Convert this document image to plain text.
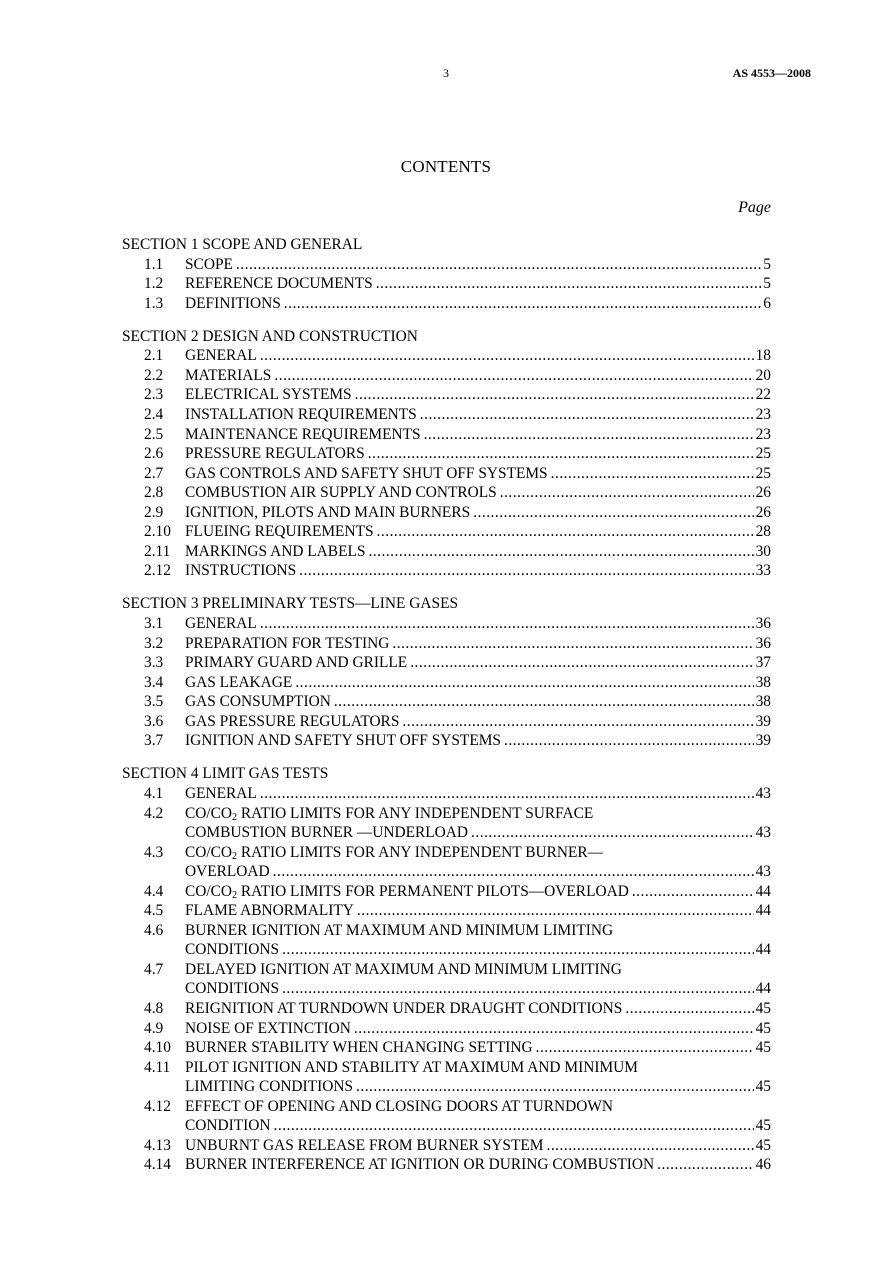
3	AS 4553—2008
CONTENTS
Page
SECTION 1 SCOPE AND GENERAL
1.1 SCOPE .....	5
1.2 REFERENCE DOCUMENTS .....	5
1.3 DEFINITIONS .....	6
SECTION 2 DESIGN AND CONSTRUCTION
2.1 GENERAL .....	18
2.2 MATERIALS .....	20
2.3 ELECTRICAL SYSTEMS .....	22
2.4 INSTALLATION REQUIREMENTS .....	23
2.5 MAINTENANCE REQUIREMENTS .....	23
2.6 PRESSURE REGULATORS .....	25
2.7 GAS CONTROLS AND SAFETY SHUT OFF SYSTEMS .....	25
2.8 COMBUSTION AIR SUPPLY AND CONTROLS .....	26
2.9 IGNITION, PILOTS AND MAIN BURNERS .....	26
2.10 FLUEING REQUIREMENTS .....	28
2.11 MARKINGS AND LABELS .....	30
2.12 INSTRUCTIONS .....	33
SECTION 3 PRELIMINARY TESTS—LINE GASES
3.1 GENERAL .....	36
3.2 PREPARATION FOR TESTING .....	36
3.3 PRIMARY GUARD AND GRILLE .....	37
3.4 GAS LEAKAGE .....	38
3.5 GAS CONSUMPTION .....	38
3.6 GAS PRESSURE REGULATORS .....	39
3.7 IGNITION AND SAFETY SHUT OFF SYSTEMS .....	39
SECTION 4 LIMIT GAS TESTS
4.1 GENERAL .....	43
4.2 $CO/CO_2$ RATIO LIMITS FOR ANY INDEPENDENT SURFACE
COMBUSTION BURNER —UNDERLOAD .....	43
4.3 $CO/CO_2$ RATIO LIMITS FOR ANY INDEPENDENT BURNER—
OVERLOAD .....	43
4.4 $CO/CO_2$ RATIO LIMITS FOR PERMANENT PILOTS—OVERLOAD .....	44
4.5 FLAME ABNORMALITY .....	44
4.6 BURNER IGNITION AT MAXIMUM AND MINIMUM LIMITING
CONDITIONS .....	44
4.7 DELAYED IGNITION AT MAXIMUM AND MINIMUM LIMITING
CONDITIONS .....	44
4.8 REIGNITION AT TURNDOWN UNDER DRAUGHT CONDITIONS .....	45
4.9 NOISE OF EXTINCTION .....	45
4.10 BURNER STABILITY WHEN CHANGING SETTING .....	45
4.11 PILOT IGNITION AND STABILITY AT MAXIMUM AND MINIMUM
LIMITING CONDITIONS .....	45
4.12 EFFECT OF OPENING AND CLOSING DOORS AT TURNDOWN
CONDITION .....	45
4.13 UNBURNT GAS RELEASE FROM BURNER SYSTEM .....	45
4.14 BURNER INTERFERENCE AT IGNITION OR DURING COMBUSTION .....	46
